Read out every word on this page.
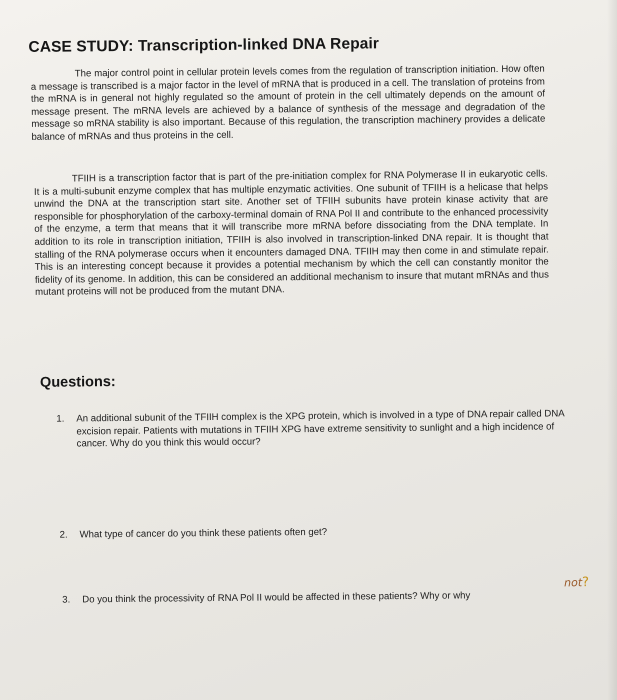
CASE STUDY: Transcription-linked DNA Repair
The major control point in cellular protein levels comes from the regulation of transcription initiation. How often a message is transcribed is a major factor in the level of mRNA that is produced in a cell. The translation of proteins from the mRNA is in general not highly regulated so the amount of protein in the cell ultimately depends on the amount of message present. The mRNA levels are achieved by a balance of synthesis of the message and degradation of the message so mRNA stability is also important. Because of this regulation, the transcription machinery provides a delicate balance of mRNAs and thus proteins in the cell.
TFIIH is a transcription factor that is part of the pre-initiation complex for RNA Polymerase II in eukaryotic cells. It is a multi-subunit enzyme complex that has multiple enzymatic activities. One subunit of TFIIH is a helicase that helps unwind the DNA at the transcription start site. Another set of TFIIH subunits have protein kinase activity that are responsible for phosphorylation of the carboxy-terminal domain of RNA Pol II and contribute to the enhanced processivity of the enzyme, a term that means that it will transcribe more mRNA before dissociating from the DNA template. In addition to its role in transcription initiation, TFIIH is also involved in transcription-linked DNA repair. It is thought that stalling of the RNA polymerase occurs when it encounters damaged DNA. TFIIH may then come in and stimulate repair. This is an interesting concept because it provides a potential mechanism by which the cell can constantly monitor the fidelity of its genome. In addition, this can be considered an additional mechanism to insure that mutant mRNAs and thus mutant proteins will not be produced from the mutant DNA.
Questions:
1. An additional subunit of the TFIIH complex is the XPG protein, which is involved in a type of DNA repair called DNA excision repair. Patients with mutations in TFIIH XPG have extreme sensitivity to sunlight and a high incidence of cancer. Why do you think this would occur?
2. What type of cancer do you think these patients often get?
3. Do you think the processivity of RNA Pol II would be affected in these patients? Why or why
not?
